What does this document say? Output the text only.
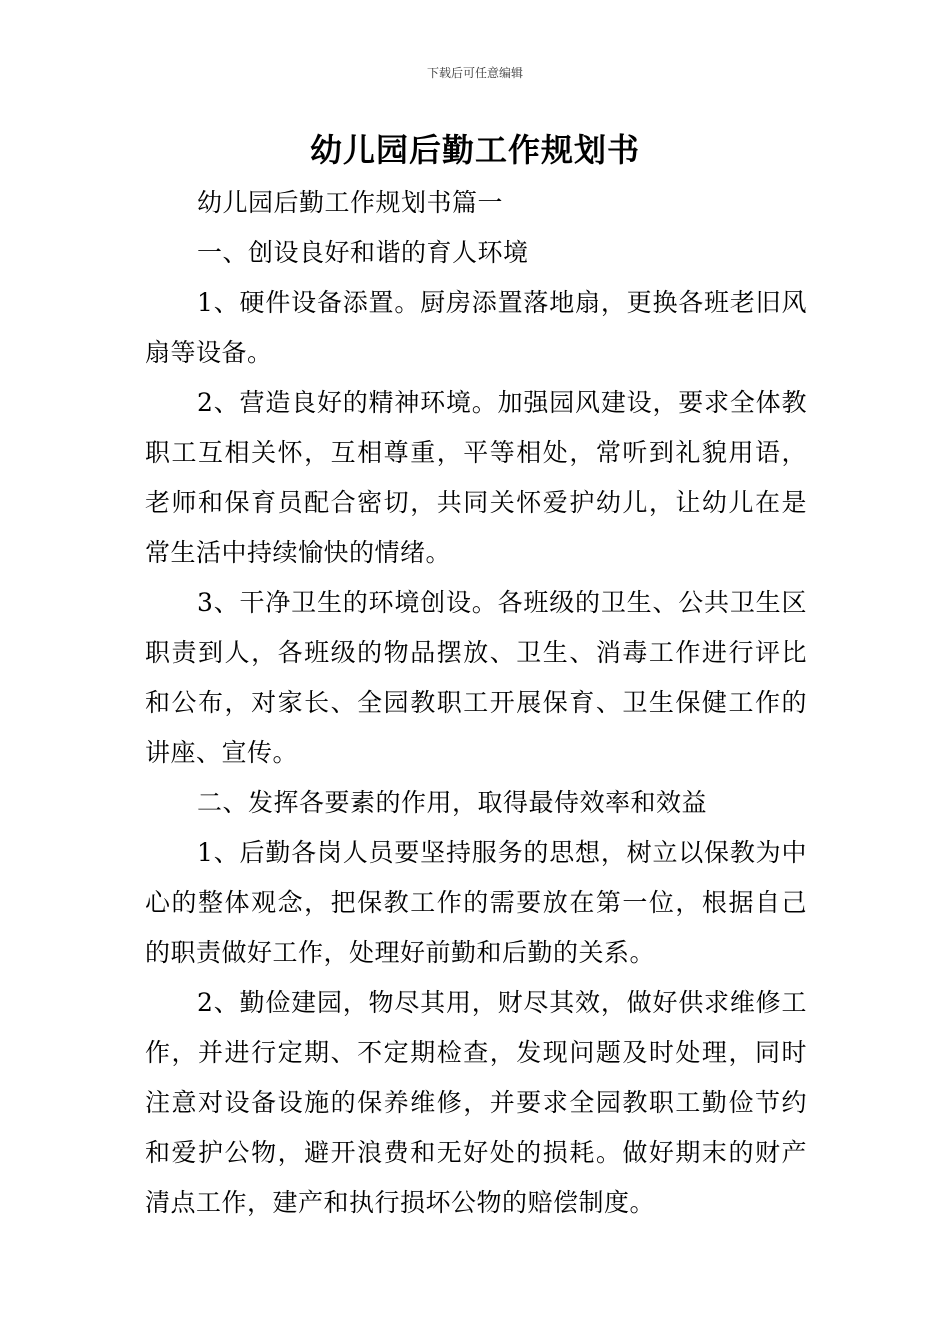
下载后可任意编辑
幼儿园后勤工作规划书

幼儿园后勤工作规划书篇一

一、创设良好和谐的育人环境

1、硬件设备添置。厨房添置落地扇，更换各班老旧风扇等设备。

2、营造良好的精神环境。加强园风建设，要求全体教职工互相关怀，互相尊重，平等相处，常听到礼貌用语，老师和保育员配合密切，共同关怀爱护幼儿，让幼儿在是常生活中持续愉快的情绪。

3、干净卫生的环境创设。各班级的卫生、公共卫生区职责到人，各班级的物品摆放、卫生、消毒工作进行评比和公布，对家长、全园教职工开展保育、卫生保健工作的讲座、宣传。

二、发挥各要素的作用，取得最侍效率和效益

1、后勤各岗人员要坚持服务的思想，树立以保教为中心的整体观念，把保教工作的需要放在第一位，根据自己的职责做好工作，处理好前勤和后勤的关系。

2、勤俭建园，物尽其用，财尽其效，做好供求维修工作，并进行定期、不定期检查，发现问题及时处理，同时注意对设备设施的保养维修，并要求全园教职工勤俭节约和爱护公物，避开浪费和无好处的损耗。做好期末的财产清点工作，建产和执行损坏公物的赔偿制度。
